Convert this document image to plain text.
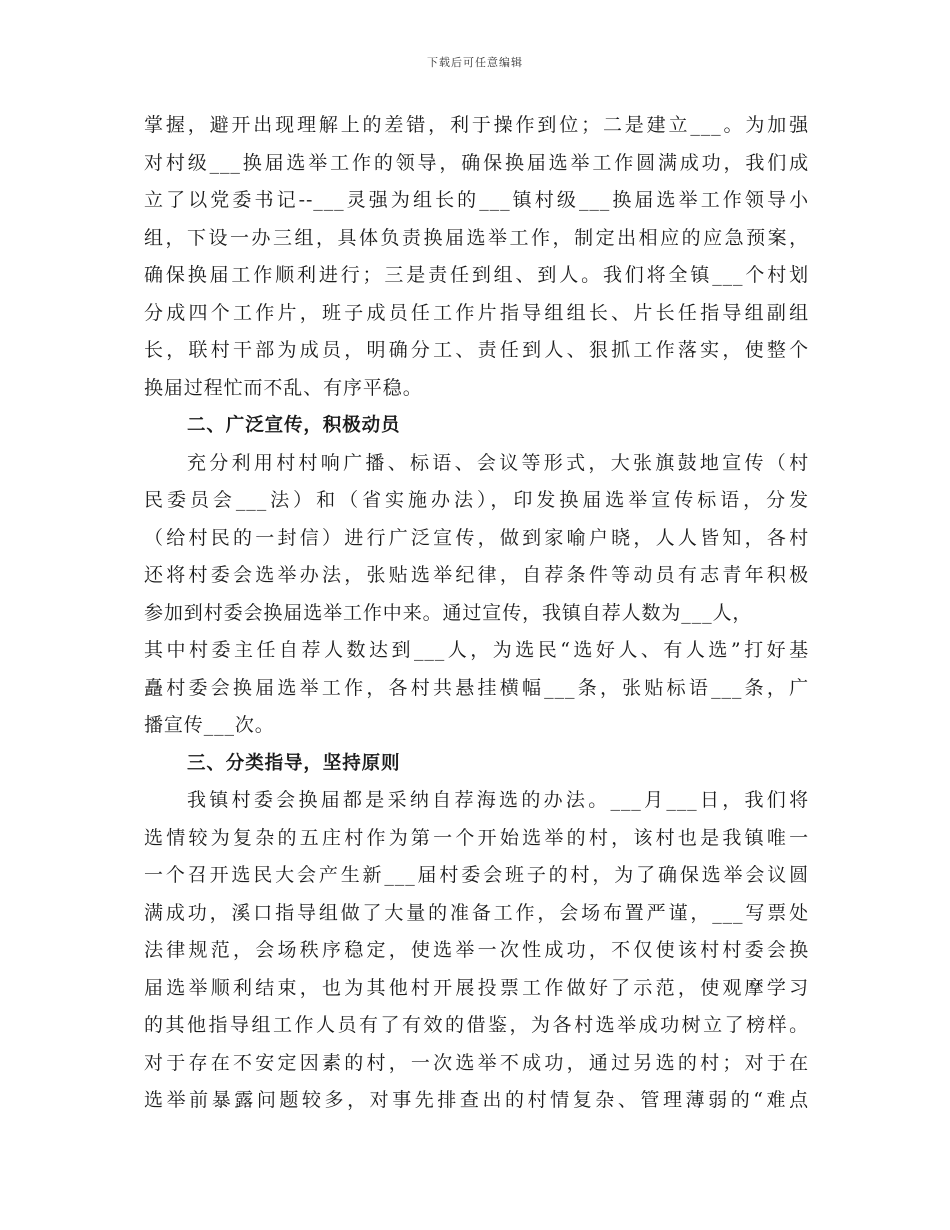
下载后可任意编辑
掌握，避开出现理解上的差错，利于操作到位；二是建立___。为加强
对村级___换届选举工作的领导，确保换届选举工作圆满成功，我们成
立了以党委书记--___灵强为组长的___镇村级___换届选举工作领导小
组，下设一办三组，具体负责换届选举工作，制定出相应的应急预案，
确保换届工作顺利进行；三是责任到组、到人。我们将全镇___个村划
分成四个工作片，班子成员任工作片指导组组长、片长任指导组副组
长，联村干部为成员，明确分工、责任到人、狠抓工作落实，使整个
换届过程忙而不乱、有序平稳。
二、广泛宣传，积极动员
充分利用村村响广播、标语、会议等形式，大张旗鼓地宣传（村
民委员会___法）和（省实施办法），印发换届选举宣传标语，分发
（给村民的一封信）进行广泛宣传，做到家喻户晓，人人皆知，各村
还将村委会选举办法，张贴选举纪律，自荐条件等动员有志青年积极
参加到村委会换届选举工作中来。通过宣传，我镇自荐人数为___人，
其中村委主任自荐人数达到___人，为选民“选好人、有人选”打好基
矗村委会换届选举工作，各村共悬挂横幅___条，张贴标语___条，广
播宣传___次。
三、分类指导，坚持原则
我镇村委会换届都是采纳自荐海选的办法。___月___日，我们将
选情较为复杂的五庄村作为第一个开始选举的村，该村也是我镇唯一
一个召开选民大会产生新___届村委会班子的村，为了确保选举会议圆
满成功，溪口指导组做了大量的准备工作，会场布置严谨，___写票处
法律规范，会场秩序稳定，使选举一次性成功，不仅使该村村委会换
届选举顺利结束，也为其他村开展投票工作做好了示范，使观摩学习
的其他指导组工作人员有了有效的借鉴，为各村选举成功树立了榜样。
对于存在不安定因素的村，一次选举不成功，通过另选的村；对于在
选举前暴露问题较多，对事先排查出的村情复杂、管理薄弱的“难点
